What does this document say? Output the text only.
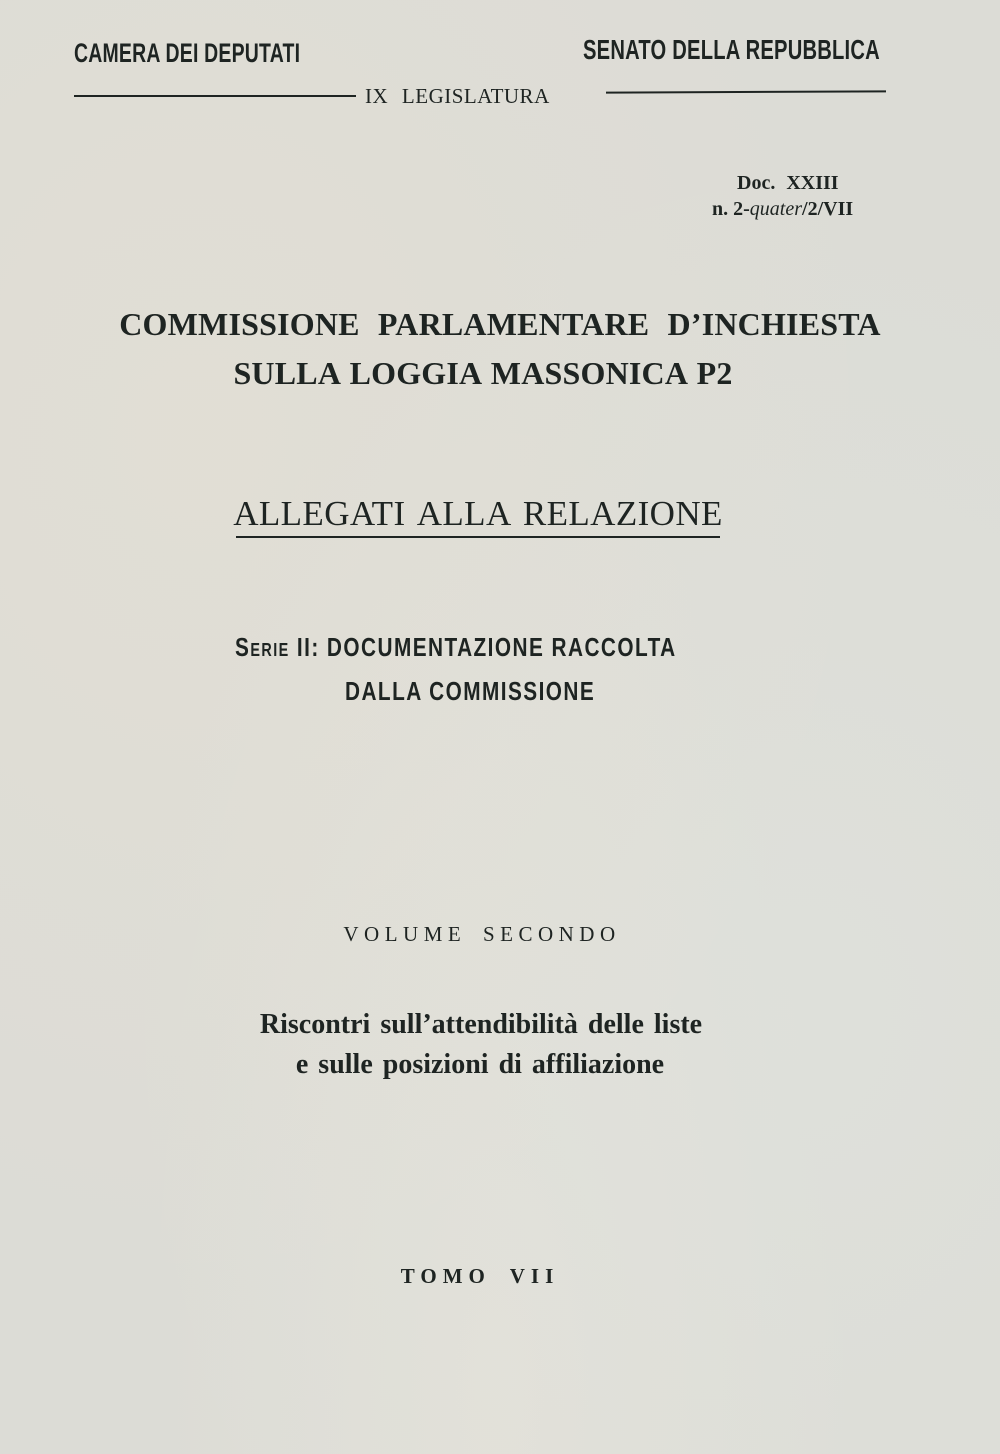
CAMERA DEI DEPUTATI	SENATO DELLA REPUBBLICA
IX LEGISLATURA
Doc. XXIII
n. 2-quater/2/VII
COMMISSIONE PARLAMENTARE D’INCHIESTA
SULLA LOGGIA MASSONICA P2
ALLEGATI ALLA RELAZIONE
Serie II: DOCUMENTAZIONE RACCOLTA
DALLA COMMISSIONE
VOLUME SECONDO
Riscontri sull’attendibilità delle liste
e sulle posizioni di affiliazione
TOMO VII
